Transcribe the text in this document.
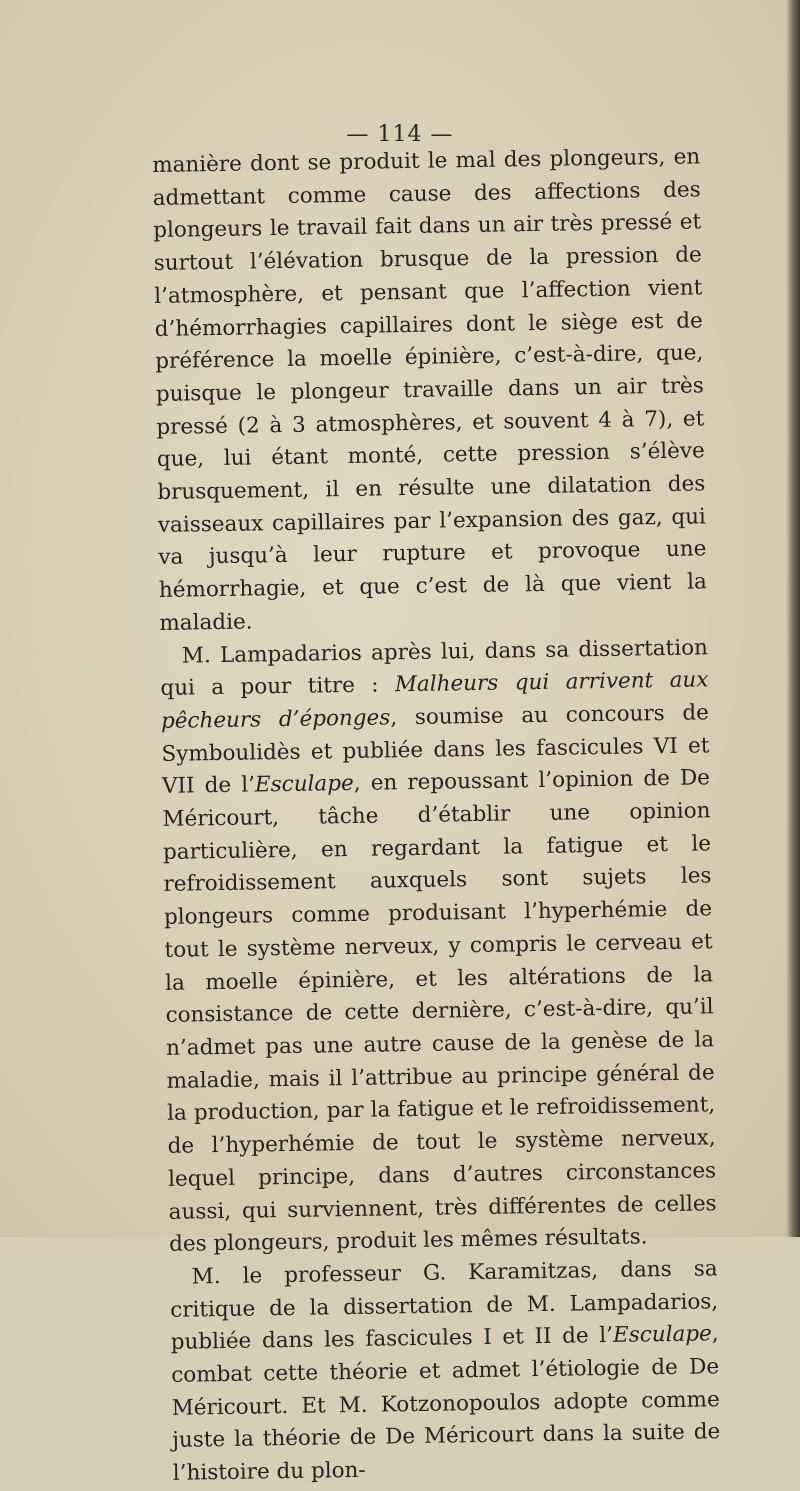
— 114 —

manière dont se produit le mal des plongeurs, en admettant comme cause des affections des plongeurs le travail fait dans un air très pressé et surtout l’élévation brusque de la pression de l’atmosphère, et pensant que l’affection vient d’hémorrhagies capillaires dont le siège est de préférence la moelle épinière, c’est-à-dire, que, puisque le plongeur travaille dans un air très pressé (2 à 3 atmosphères, et souvent 4 à 7), et que, lui étant monté, cette pression s’élève brusquement, il en résulte une dilatation des vaisseaux capillaires par l’expansion des gaz, qui va jusqu’à leur rupture et provoque une hémorrhagie, et que c’est de là que vient la maladie.

M. Lampadarios après lui, dans sa dissertation qui a pour titre : Malheurs qui arrivent aux pêcheurs d’éponges, soumise au concours de Symboulidès et publiée dans les fascicules VI et VII de l’Esculape, en repoussant l’opinion de De Méricourt, tâche d’établir une opinion particulière, en regardant la fatigue et le refroidissement auxquels sont sujets les plongeurs comme produisant l’hyperhémie de tout le système nerveux, y compris le cerveau et la moelle épinière, et les altérations de la consistance de cette dernière, c’est-à-dire, qu’il n’admet pas une autre cause de la genèse de la maladie, mais il l’attribue au principe général de la production, par la fatigue et le refroidissement, de l’hyperhémie de tout le système nerveux, lequel principe, dans d’autres circonstances aussi, qui surviennent, très différentes de celles des plongeurs, produit les mêmes résultats.

M. le professeur G. Karamitzas, dans sa critique de la dissertation de M. Lampadarios, publiée dans les fascicules I et II de l’Esculape, combat cette théorie et admet l’étiologie de De Méricourt. Et M. Kotzonopoulos adopte comme juste la théorie de De Méricourt dans la suite de l’histoire du plon-
